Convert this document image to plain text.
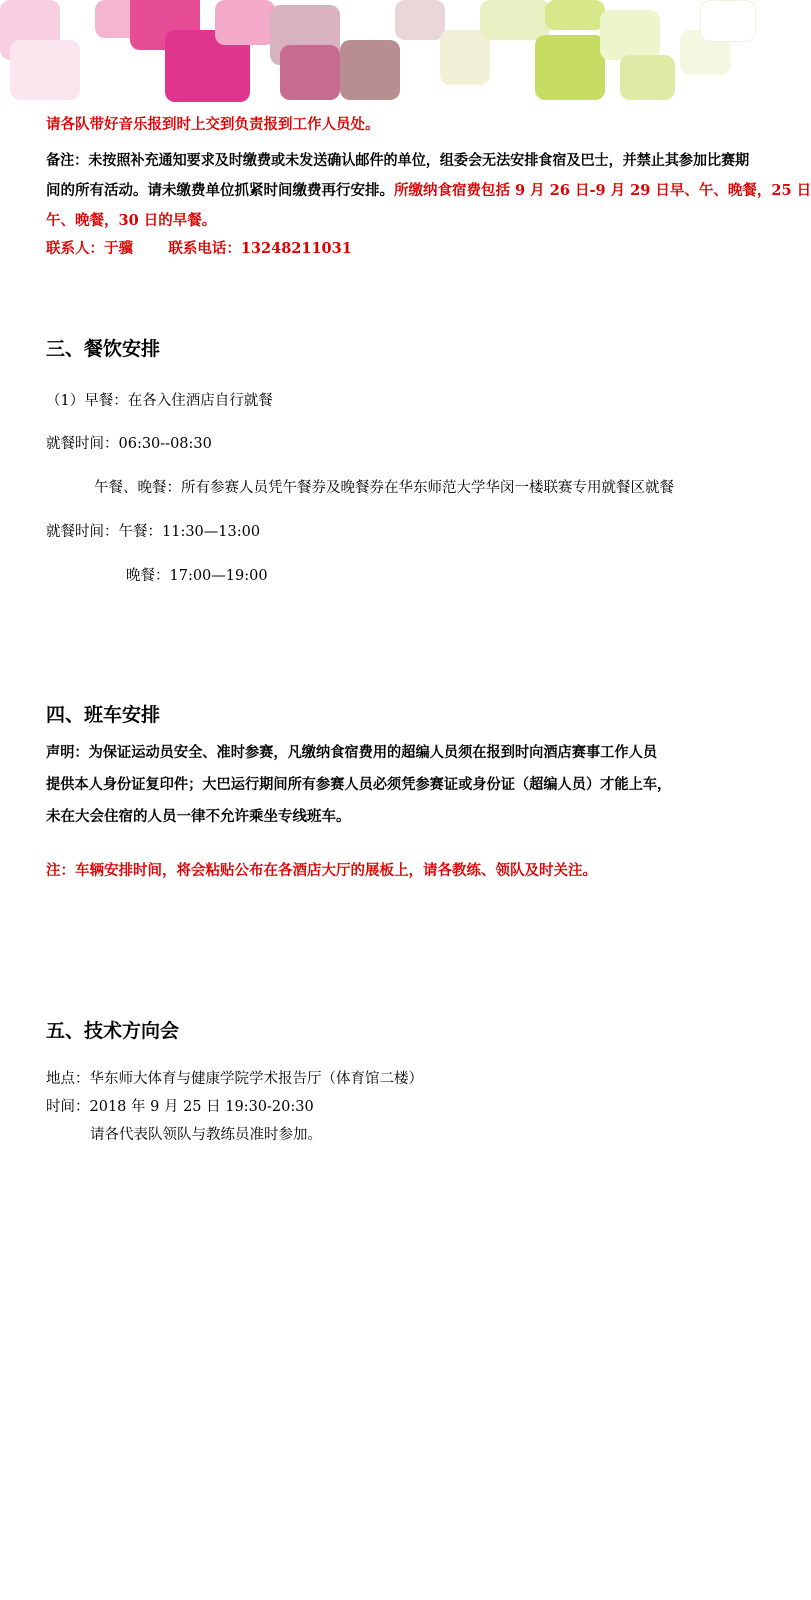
请各队带好音乐报到时上交到负责报到工作人员处。
备注：未按照补充通知要求及时缴费或未发送确认邮件的单位，组委会无法安排食宿及巴士，并禁止其参加比赛期
间的所有活动。请未缴费单位抓紧时间缴费再行安排。所缴纳食宿费包括 9 月 26 日-9 月 29 日早、午、晚餐，25 日
午、晚餐，30 日的早餐。
联系人：于骥       联系电话：13248211031
三、餐饮安排
（1）早餐：在各入住酒店自行就餐
就餐时间：06:30--08:30
午餐、晚餐：所有参赛人员凭午餐券及晚餐券在华东师范大学华闵一楼联赛专用就餐区就餐
就餐时间：午餐：11:30—13:00
晚餐：17:00—19:00
四、班车安排
声明：为保证运动员安全、准时参赛，凡缴纳食宿费用的超编人员须在报到时向酒店赛事工作人员
提供本人身份证复印件；大巴运行期间所有参赛人员必须凭参赛证或身份证（超编人员）才能上车，
未在大会住宿的人员一律不允许乘坐专线班车。
注：车辆安排时间，将会粘贴公布在各酒店大厅的展板上，请各教练、领队及时关注。
五、技术方向会
地点：华东师大体育与健康学院学术报告厅（体育馆二楼）
时间：2018 年 9 月 25 日 19:30-20:30
请各代表队领队与教练员准时参加。
